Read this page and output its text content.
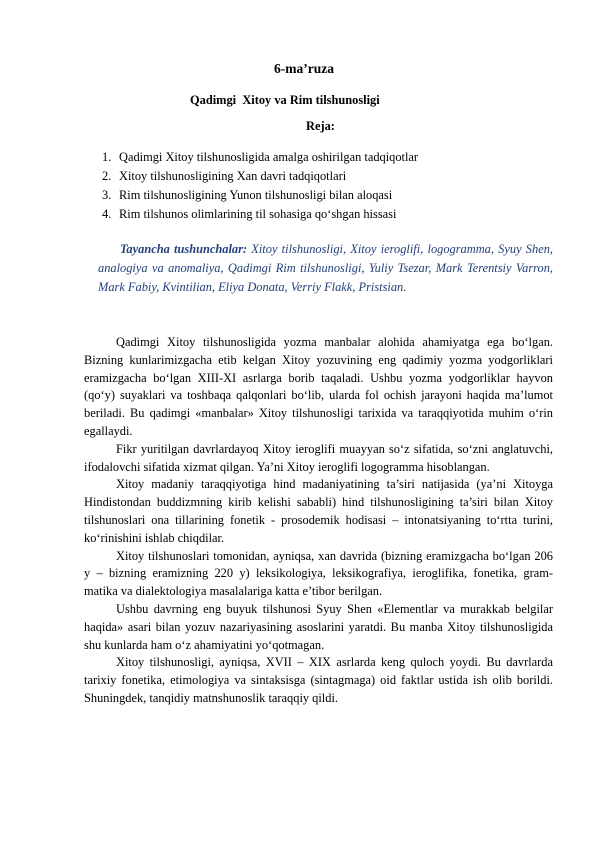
6-ma’ruza
Qadimgi  Xitoy va Rim tilshunosligi
Reja:
1. Qadimgi Xitoy tilshunosligida amalga oshirilgan tadqiqotlar
2. Xitoy tilshunosligining Xan davri tadqiqotlari
3. Rim tilshunosligining Yunon tilshunosligi bilan aloqasi
4. Rim tilshunos olimlarining til sohasiga qo‘shgan hissasi
Tayancha tushunchalar: Xitoy tilshunosligi, Xitoy ieroglifi, logogramma, Syuy Shen, analogiya va anomaliya, Qadimgi Rim tilshunosligi, Yuliy Tsezar, Mark Terentsiy Varron, Mark Fabiy, Kvintilian, Eliya Donata, Verriy Flakk, Pristsian.

Qadimgi Xitoy tilshunosligida yozma manbalar alohida ahamiyatga ega bo‘lgan. Bizning kunlarimizgacha etib kelgan Xitoy yozuvining eng qadimiy yozma yodgorliklari eramizgacha bo‘lgan XIII-XI asrlarga borib taqaladi. Ushbu yozma yodgorliklar hayvon (qo‘y) suyaklari va toshbaqa qalqonlari bo‘lib, ularda fol ochish jarayoni haqida ma’lumot beriladi. Bu qadimgi «manbalar» Xitoy tilshunosligi tarixida va taraqqiyotida muhim o‘rin egallaydi.

Fikr yuritilgan davrlardayoq Xitoy ieroglifi muayyan so‘z sifatida, so‘zni anglatuvchi, ifodalovchi sifatida xizmat qilgan. Ya’ni Xitoy ieroglifi logogramma hisoblangan.

Xitoy madaniy taraqqiyotiga hind madaniyatining ta’siri natijasida (ya’ni Xitoyga Hindistondan buddizmning kirib kelishi sababli) hind tilshunosligining ta’siri bilan Xitoy tilshunoslari ona tillarining fonetik - prosodemik hodisasi – intonatsiyaning to‘rtta turini, ko‘rinishini ishlab chiqdilar.

Xitoy tilshunoslari tomonidan, ayniqsa, xan davrida (bizning eramizgacha bo‘lgan 206 y – bizning eramizning 220 y) leksikologiya, leksikografiya, ieroglifika, fonetika, gram-matika va dialektologiya masalalariga katta e’tibor berilgan.

Ushbu davrning eng buyuk tilshunosi Syuy Shen «Elementlar va murakkab belgilar haqida» asari bilan yozuv nazariyasining asoslarini yaratdi. Bu manba Xitoy tilshunosligida shu kunlarda ham o‘z ahamiyatini yo‘qotmagan.

Xitoy tilshunosligi, ayniqsa, XVII – XIX asrlarda keng quloch yoydi. Bu davrlarda tarixiy fonetika, etimologiya va sintaksisga (sintagmaga) oid faktlar ustida ish olib borildi. Shuningdek, tanqidiy matnshunoslik taraqqiy qildi.
